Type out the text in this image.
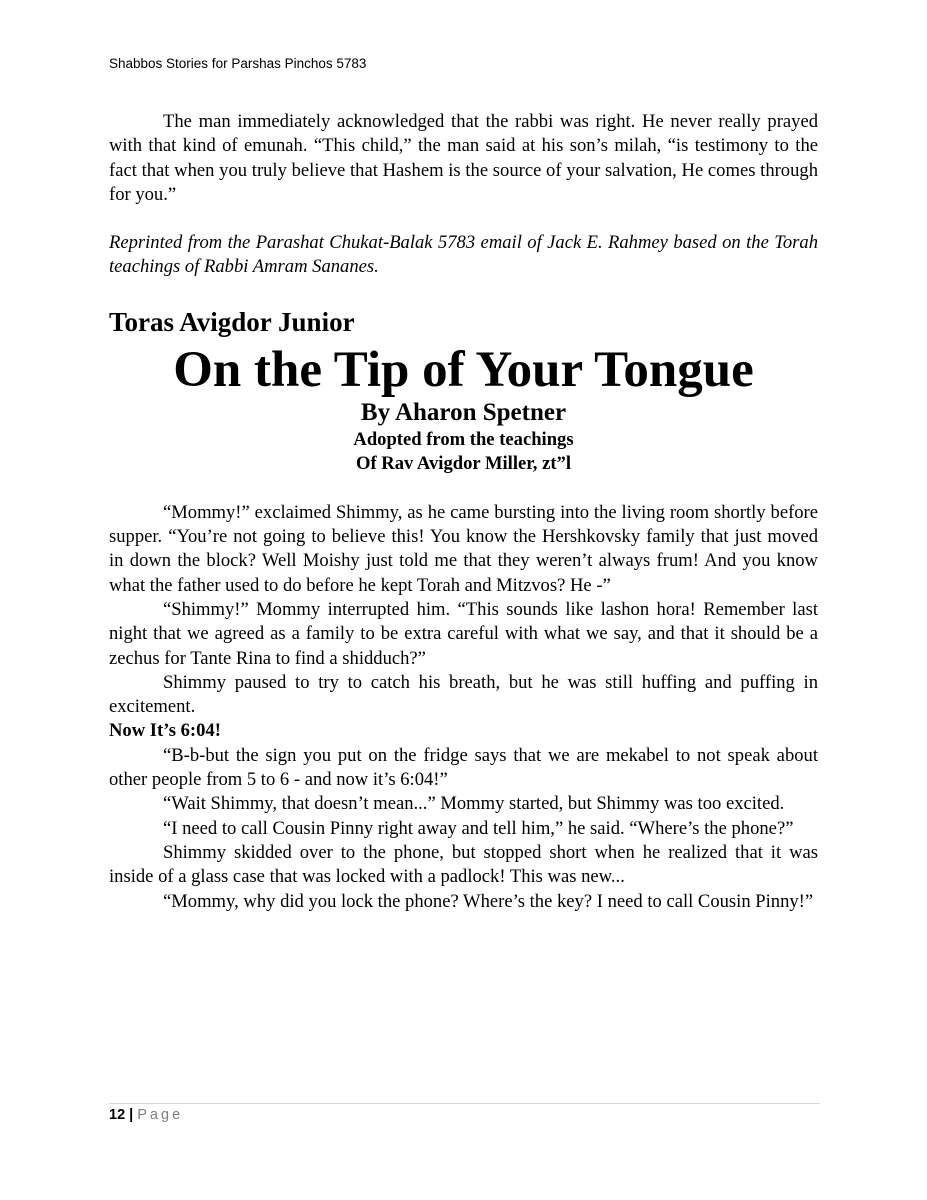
Shabbos Stories for Parshas Pinchos 5783

The man immediately acknowledged that the rabbi was right. He never really prayed with that kind of emunah. “This child,” the man said at his son’s milah, “is testimony to the fact that when you truly believe that Hashem is the source of your salvation, He comes through for you.”

Reprinted from the Parashat Chukat-Balak 5783 email of Jack E. Rahmey based on the Torah teachings of Rabbi Amram Sananes.

Toras Avigdor Junior
On the Tip of Your Tongue
By Aharon Spetner
Adopted from the teachings
Of Rav Avigdor Miller, zt”l

“Mommy!” exclaimed Shimmy, as he came bursting into the living room shortly before supper. “You’re not going to believe this! You know the Hershkovsky family that just moved in down the block? Well Moishy just told me that they weren’t always frum! And you know what the father used to do before he kept Torah and Mitzvos? He -”

“Shimmy!” Mommy interrupted him. “This sounds like lashon hora! Remember last night that we agreed as a family to be extra careful with what we say, and that it should be a zechus for Tante Rina to find a shidduch?”

Shimmy paused to try to catch his breath, but he was still huffing and puffing in excitement.

Now It’s 6:04!

“B-b-but the sign you put on the fridge says that we are mekabel to not speak about other people from 5 to 6 - and now it’s 6:04!”

“Wait Shimmy, that doesn’t mean...” Mommy started, but Shimmy was too excited.

“I need to call Cousin Pinny right away and tell him,” he said. “Where’s the phone?”

Shimmy skidded over to the phone, but stopped short when he realized that it was inside of a glass case that was locked with a padlock! This was new...

“Mommy, why did you lock the phone? Where’s the key? I need to call Cousin Pinny!”

12 | Page
